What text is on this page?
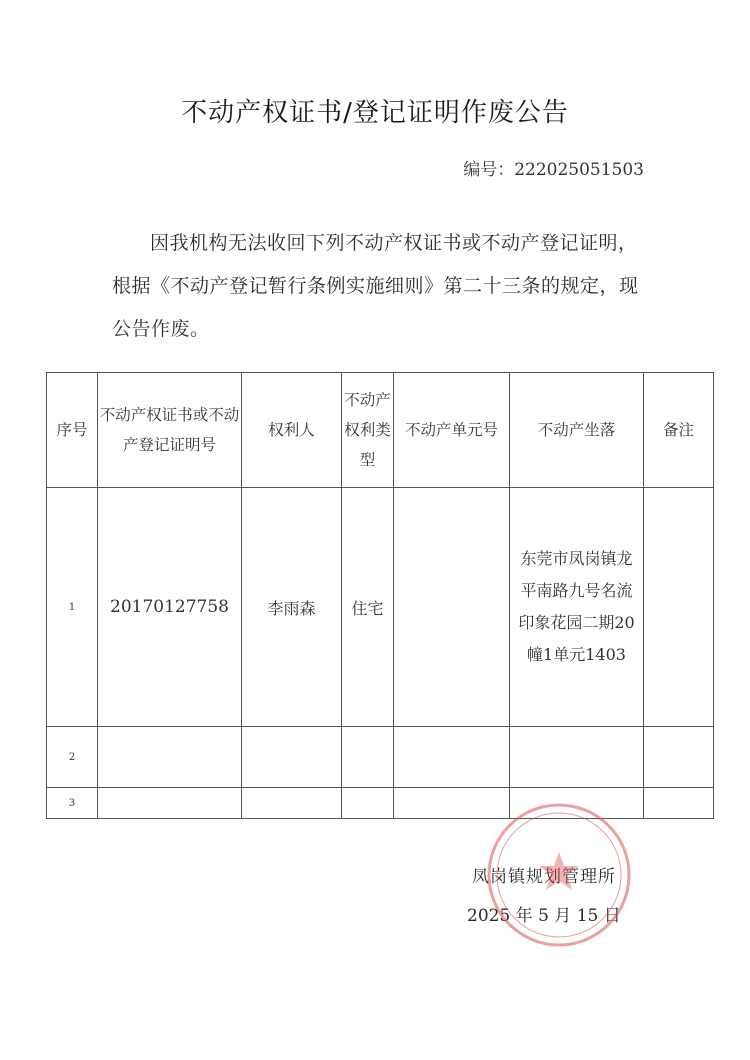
不动产权证书/登记证明作废公告
编号：222025051503
因我机构无法收回下列不动产权证书或不动产登记证明，根据《不动产登记暂行条例实施细则》第二十三条的规定，现公告作废。
序号	不动产权证书或不动产登记证明号	权利人	不动产权利类型	不动产单元号	不动产坐落	备注
1	20170127758	李雨森	住宅		东莞市凤岗镇龙平南路九号名流印象花园二期20幢1单元1403	
2						
3						
凤岗镇规划管理所
2025 年 5 月 15 日
